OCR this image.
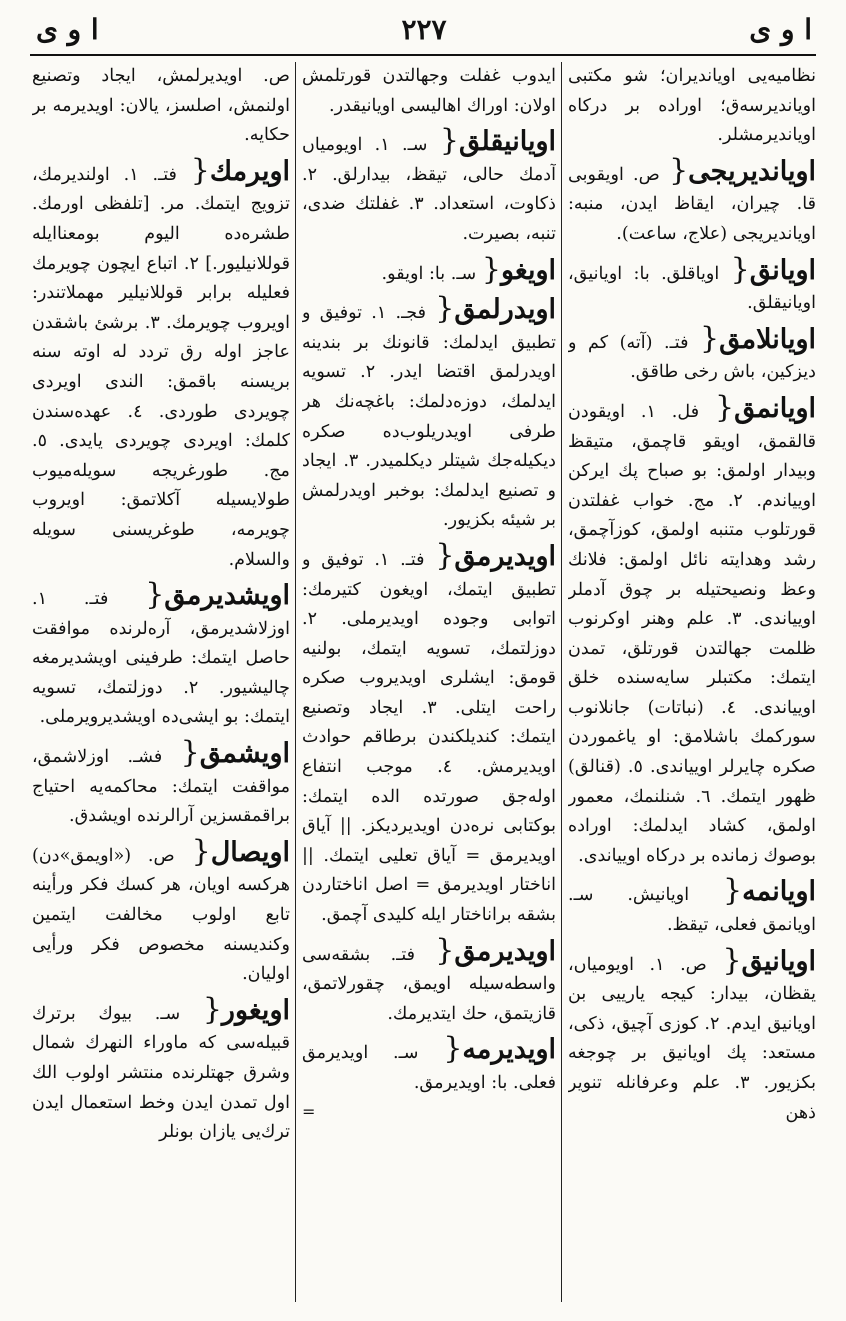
ا و ى
۲۲۷
ا و ى

نظاميه‌يى اويانديران؛ شو مكتبى اويانديرسه‌ق؛ اوراده بر دركاه اويانديرمشلر.

اويانديريجى{ ص. اويقوبى قا. چيران، ايقاظ ايدن، منبه: اويانديريجى (علاج، ساعت).

اويانق{ اوياقلق. با: اويانيق، اويانيقلق.

اويانلامق{ فتـ. (آته) كم و ديزكين، باش رخى طاقق.

اويانمق{ فل. ١. اويقودن قالقمق، اويقو قاچمق، متيقظ وبيدار اولمق: بو صباح پك ايركن اويياندم. ٢. مج. خواب غفلتدن قورتلوب متنبه اولمق، كوزآچمق، رشد وهدايته نائل اولمق: فلانك وعظ ونصيحتيله بر چوق آدملر اويياندى. ٣. علم وهنر اوكرنوب ظلمت جهالتدن قورتلق، تمدن ايتمك: مكتبلر سايه‌سنده خلق اويياندى. ٤. (نباتات) جانلانوب سوركمك باشلامق: او ياغموردن صكره چايرلر اويياندى. ٥. (قنالق) ظهور ايتمك. ٦. شنلنمك، معمور اولمق، كشاد ايدلمك: اوراده بوصوك زمانده بر دركاه اويياندى.

اويانمه{ اويانيش. سـ. اويانمق فعلى، تيقظ.

اويانيق{ ص. ١. اويومياں، يقظان، بيدار: كيجه يارييى بن اويانيق ايدم. ٢. كوزى آچيق، ذكى، مستعد: پك اويانيق بر چوجغه بكزيور. ٣. علم وعرفانله تنوير ذهن

ايدوب غفلت وجهالتدن قورتلمش اولان: اوراك اهاليسى اويانيقدر.

اويانيقلق{ سـ. ١. اويومياں آدمك حالى، تيقظ، بيدارلق. ٢. ذكاوت، استعداد. ٣. غفلتك ضدى، تنبه، بصيرت.

اويغو{ سـ. با: اويقو.

اويدرلمق{ فجـ. ١. توفيق و تطبيق ايدلمك: قانونك بر بندينه اويدرلمق اقتضا ايدر. ٢. تسويه ايدلمك، دوزه‌دلمك: باغچه‌نك هر طرفى اويدريلوب‌ده صكره ديكيله‌جك شيتلر ديكلميدر. ٣. ايجاد و تصنيع ايدلمك: بوخبر اويدرلمش بر شيئه بكزيور.

اويديرمق{ فتـ. ١. توفيق و تطبيق ايتمك، اويغون كتيرمك: اتوابى وجوده اويديرملى. ٢. دوزلتمك، تسويه ايتمك، بولنيه قومق: ايشلرى اويديروب صكره راحت ايتلى. ٣. ايجاد وتصنيع ايتمك: كنديلكندن برطاقم حوادث اويديرمش. ٤. موجب انتفاع اوله‌جق صورتده الده ايتمك: بوكتابى نره‌دن اويديرديكز. || آياق اويديرمق = آياق تعليى ايتمك. || اناختار اويديرمق = اصل اناختاردن بشقه براناختار ايله كليدى آچمق.

اويديرمق{ فتـ. بشقه‌سى واسطه‌سيله اويمق، چقورلاتمق، قازيتمق، حك ايتديرمك.

اويديرمه{ سـ. اويديرمق فعلى. با: اويديرمق.

=

ص. اويديرلمش، ايجاد وتصنيع اولنمش، اصلسز، يالان: اويديرمه بر حكايه.

اويرمك{ فتـ. ١. اولنديرمك، تزويج ايتمك. مر. [تلفظى اورمك. طشره‌ده اليوم بومعناايله قوللانيليور.] ٢. اتباع ايچون چويرمك فعليله برابر قوللانيلير مهملاتندر: اويروب چويرمك. ٣. برشئ باشقدن عاجز اوله رق تردد له اوته سنه بريسنه باقمق: الندى اويردى چويردى طوردى. ٤. عهده‌سندن كلمك: اويردى چويردى يايدى. ٥. مج. طورغريجه سويله‌ميوب طولايسيله آكلاتمق: اويروب چويرمه، طوغريسنى سويله والسلام.

اويشديرمق{ فتـ. ١. اوزلاشديرمق، آره‌لرنده موافقت حاصل ايتمك: طرفينى اويشديرمغه چاليشيور. ٢. دوزلتمك، تسويه ايتمك: بو ايشى‌ده اويشديرويرملى.

اويشمق{ فشـ. اوزلاشمق، مواقفت ايتمك: محاكمه‌يه احتياج براقمقسزين آرالرنده اويشدق.

اويصال{ ص. («اويمق»دن) هركسه اويان، هر كسك فكر ورأينه تابع اولوب مخالفت ايتمين وكنديسنه مخصوص فكر ورأيى اوليان.

اويغور{ سـ. بيوك برترك قبيله‌سى كه ماوراء النهرك شمال وشرق جهتلرنده منتشر اولوب الك اول تمدن ايدن وخط استعمال ايدن ترك‌يى يازان بونلر
